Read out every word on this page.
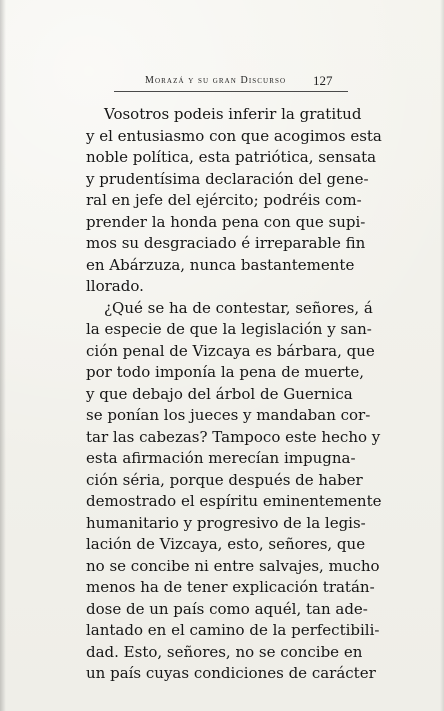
Morazá y su gran Discurso 127
Vosotros podeis inferir la gratitud
y el entusiasmo con que acogimos esta
noble política, esta patriótica, sensata
y prudentísima declaración del gene-
ral en jefe del ejército; podréis com-
prender la honda pena con que supi-
mos su desgraciado é irreparable fin
en Abárzuza, nunca bastantemente
llorado.
¿Qué se ha de contestar, señores, á
la especie de que la legislación y san-
ción penal de Vizcaya es bárbara, que
por todo imponía la pena de muerte,
y que debajo del árbol de Guernica
se ponían los jueces y mandaban cor-
tar las cabezas? Tampoco este hecho y
esta afirmación merecían impugna-
ción séria, porque después de haber
demostrado el espíritu eminentemente
humanitario y progresivo de la legis-
lación de Vizcaya, esto, señores, que
no se concibe ni entre salvajes, mucho
menos ha de tener explicación tratán-
dose de un país como aquél, tan ade-
lantado en el camino de la perfectibili-
dad. Esto, señores, no se concibe en
un país cuyas condiciones de carácter
